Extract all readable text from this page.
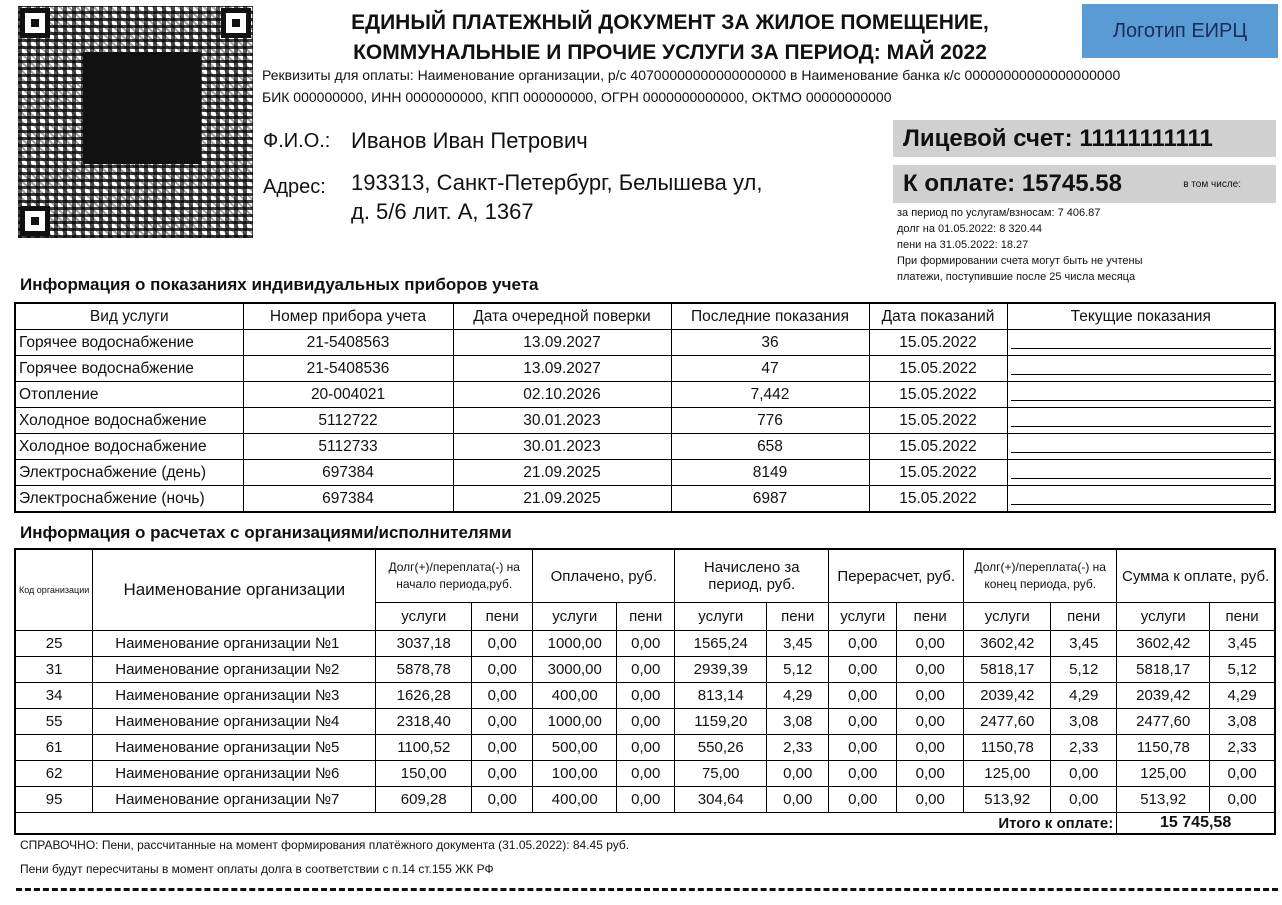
ЕДИНЫЙ ПЛАТЕЖНЫЙ ДОКУМЕНТ ЗА ЖИЛОЕ ПОМЕЩЕНИЕ,
КОММУНАЛЬНЫЕ И ПРОЧИЕ УСЛУГИ ЗА ПЕРИОД: МАЙ 2022
Логотип ЕИРЦ
Реквизиты для оплаты: Наименование организации, р/с 40700000000000000000 в Наименование банка к/с 00000000000000000000
БИК 000000000, ИНН 0000000000, КПП 000000000, ОГРН 0000000000000, ОКТМО 00000000000
Ф.И.О.: Иванов Иван Петрович
Адрес: 193313, Санкт-Петербург, Белышева ул,
д. 5/6 лит. А, 1367
Лицевой счет: 11111111111
К оплате: 15745.58	в том числе:
за период по услугам/взносам: 7 406.87
долг на 01.05.2022: 8 320.44
пени на 31.05.2022: 18.27
При формировании счета могут быть не учтены
платежи, поступившие после 25 числа месяца
Информация о показаниях индивидуальных приборов учета
Вид услуги	Номер прибора учета	Дата очередной поверки	Последние показания	Дата показаний	Текущие показания
Горячее водоснабжение	21-5408563	13.09.2027	36	15.05.2022	

Горячее водоснабжение	21-5408536	13.09.2027	47	15.05.2022	

Отопление	20-004021	02.10.2026	7,442	15.05.2022	

Холодное водоснабжение	5112722	30.01.2023	776	15.05.2022	

Холодное водоснабжение	5112733	30.01.2023	658	15.05.2022	

Электроснабжение (день)	697384	21.09.2025	8149	15.05.2022	

Электроснабжение (ночь)	697384	21.09.2025	6987	15.05.2022	
Информация о расчетах с организациями/исполнителями
Код организации	Наименование организации	Долг(+)/переплата(-) на начало периода,руб.		Оплачено, руб.		Начислено за период, руб.		Перерасчет, руб.		Долг(+)/переплата(-) на конец периода, руб.		Сумма к оплате, руб.	
		услуги	пени	услуги	пени	услуги	пени	услуги	пени	услуги	пени	услуги	пени
25	Наименование организации №1	3037,18	0,00	1000,00	0,00	1565,24	3,45	0,00	0,00	3602,42	3,45	3602,42	3,45
31	Наименование организации №2	5878,78	0,00	3000,00	0,00	2939,39	5,12	0,00	0,00	5818,17	5,12	5818,17	5,12
34	Наименование организации №3	1626,28	0,00	400,00	0,00	813,14	4,29	0,00	0,00	2039,42	4,29	2039,42	4,29
55	Наименование организации №4	2318,40	0,00	1000,00	0,00	1159,20	3,08	0,00	0,00	2477,60	3,08	2477,60	3,08
61	Наименование организации №5	1100,52	0,00	500,00	0,00	550,26	2,33	0,00	0,00	1150,78	2,33	1150,78	2,33
62	Наименование организации №6	150,00	0,00	100,00	0,00	75,00	0,00	0,00	0,00	125,00	0,00	125,00	0,00
95	Наименование организации №7	609,28	0,00	400,00	0,00	304,64	0,00	0,00	0,00	513,92	0,00	513,92	0,00
Итого к оплате:												15 745,58	
СПРАВОЧНО: Пени, рассчитанные на момент формирования платёжного документа (31.05.2022): 84.45 руб.
Пени будут пересчитаны в момент оплаты долга в соответствии с п.14 ст.155 ЖК РФ
